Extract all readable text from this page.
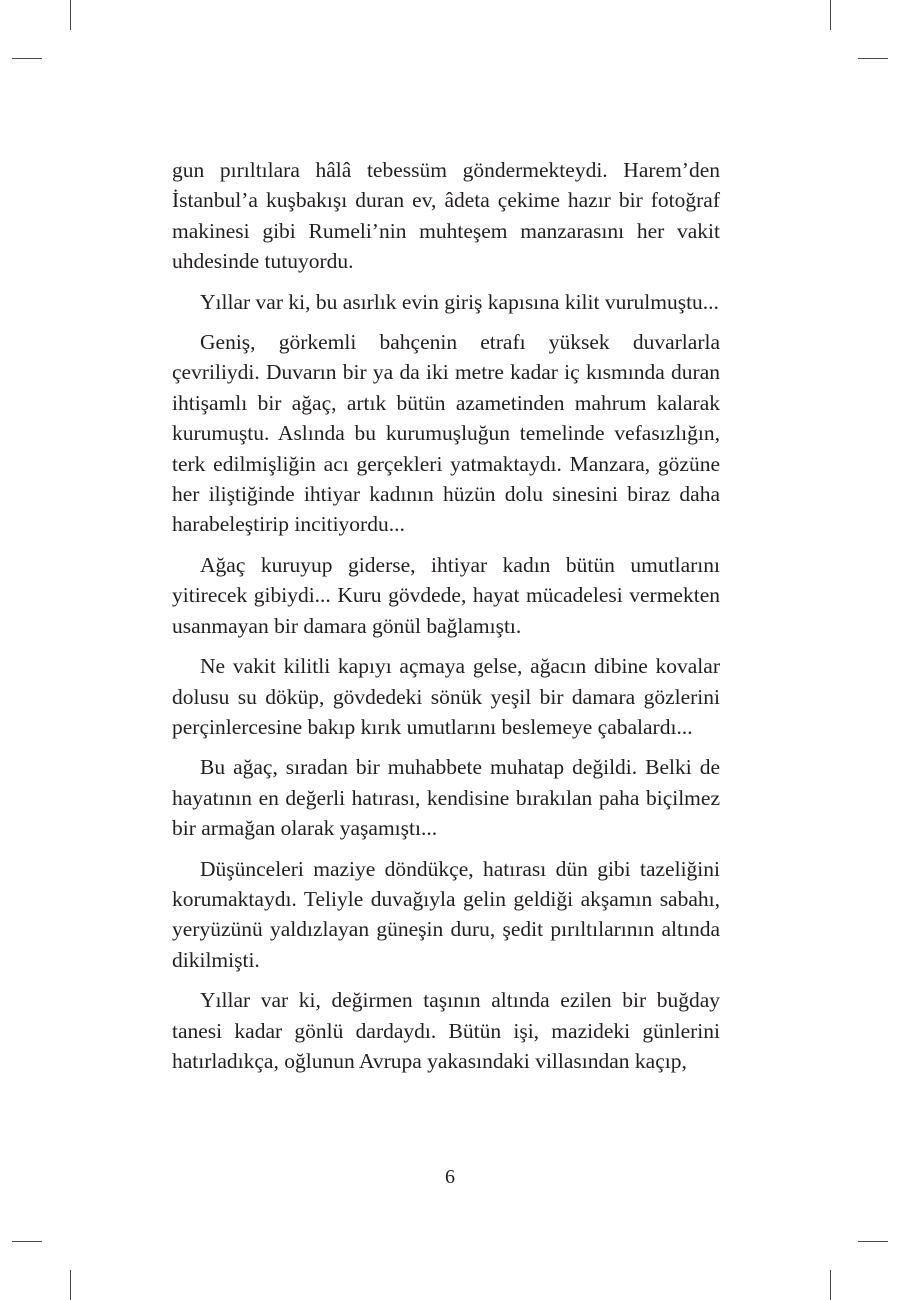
gun pırıltılara hâlâ tebessüm göndermekteydi. Harem’den İstanbul’a kuşbakışı duran ev, âdeta çekime hazır bir fotoğraf makinesi gibi Rumeli’nin muhteşem manzarasını her vakit uhdesinde tutuyordu.

Yıllar var ki, bu asırlık evin giriş kapısına kilit vurulmuştu...

Geniş, görkemli bahçenin etrafı yüksek duvarlarla çevriliydi. Duvarın bir ya da iki metre kadar iç kısmında duran ihtişamlı bir ağaç, artık bütün azametinden mahrum kalarak kurumuştu. Aslında bu kurumuşluğun temelinde vefasızlığın, terk edilmişliğin acı gerçekleri yatmaktaydı. Manzara, gözüne her iliştiğinde ihtiyar kadının hüzün dolu sinesini biraz daha harabeleştirip incitiyordu...

Ağaç kuruyup giderse, ihtiyar kadın bütün umutlarını yitirecek gibiydi... Kuru gövdede, hayat mücadelesi vermekten usanmayan bir damara gönül bağlamıştı.

Ne vakit kilitli kapıyı açmaya gelse, ağacın dibine kovalar dolusu su döküp, gövdedeki sönük yeşil bir damara gözlerini perçinlercesine bakıp kırık umutlarını beslemeye çabalardı...

Bu ağaç, sıradan bir muhabbete muhatap değildi. Belki de hayatının en değerli hatırası, kendisine bırakılan paha biçilmez bir armağan olarak yaşamıştı...

Düşünceleri maziye döndükçe, hatırası dün gibi tazeliğini korumaktaydı. Teliyle duvağıyla gelin geldiği akşamın sabahı, yeryüzünü yaldızlayan güneşin duru, şedit pırıltılarının altında dikilmişti.

Yıllar var ki, değirmen taşının altında ezilen bir buğday tanesi kadar gönlü dardaydı. Bütün işi, mazideki günlerini hatırladıkça, oğlunun Avrupa yakasındaki villasından kaçıp,

6
